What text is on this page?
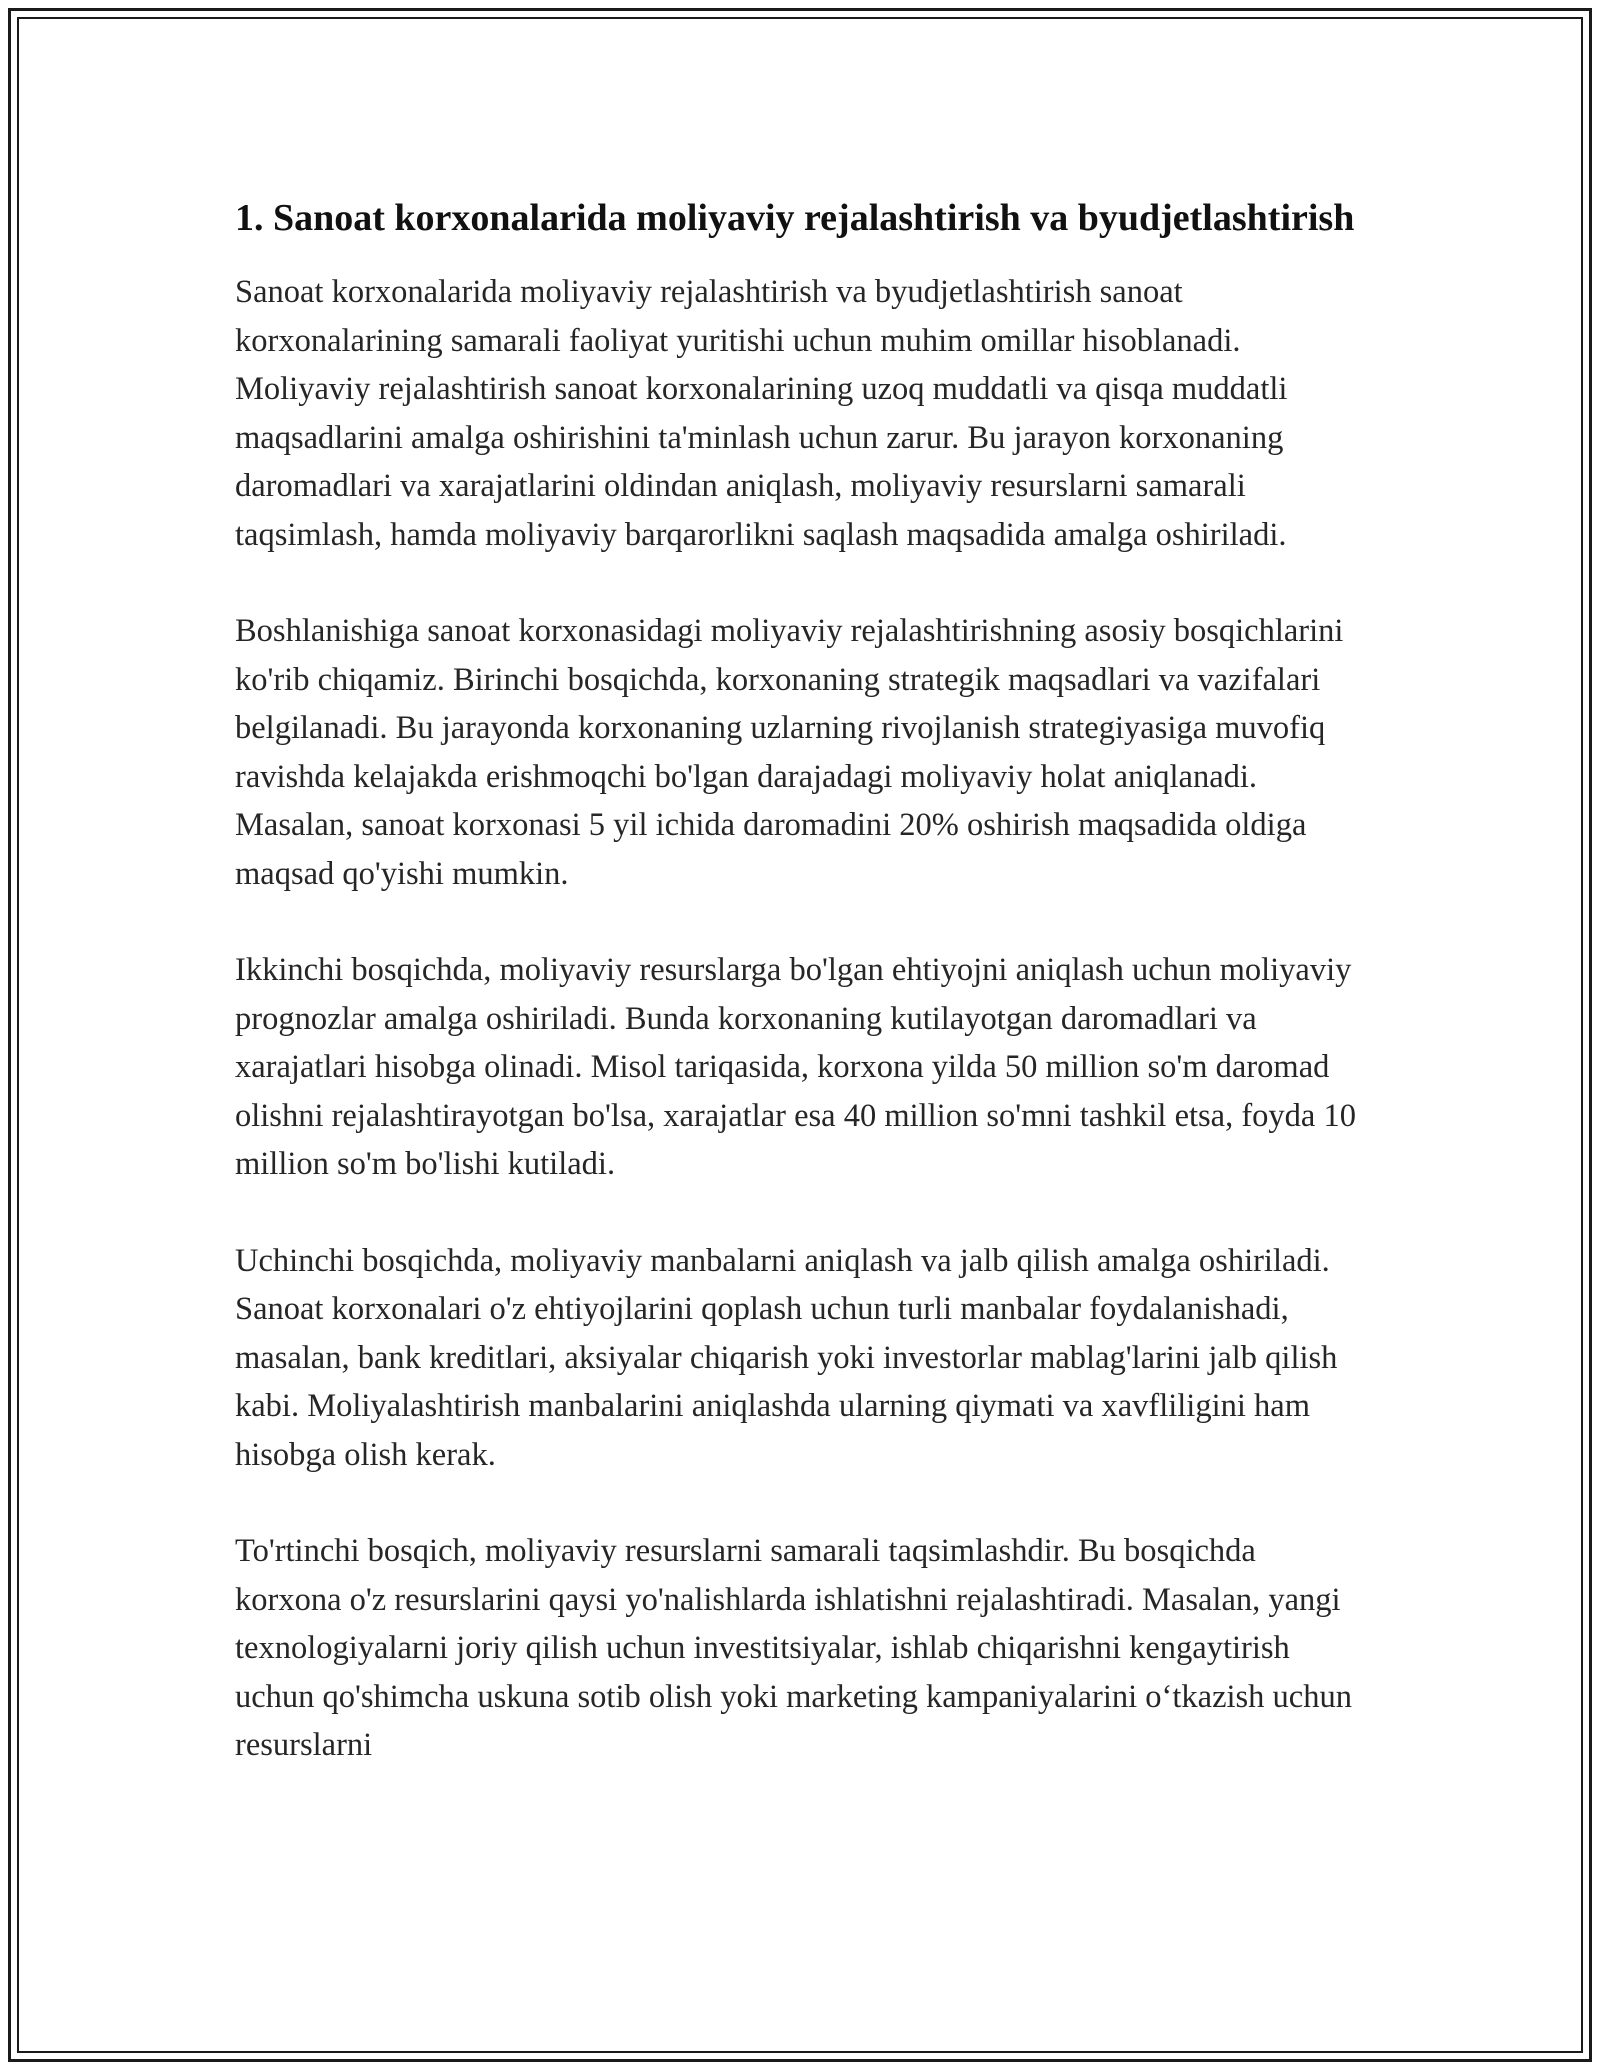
1. Sanoat korxonalarida moliyaviy rejalashtirish va byudjetlashtirish

Sanoat korxonalarida moliyaviy rejalashtirish va byudjetlashtirish sanoat korxonalarining samarali faoliyat yuritishi uchun muhim omillar hisoblanadi. Moliyaviy rejalashtirish sanoat korxonalarining uzoq muddatli va qisqa muddatli maqsadlarini amalga oshirishini ta'minlash uchun zarur. Bu jarayon korxonaning daromadlari va xarajatlarini oldindan aniqlash, moliyaviy resurslarni samarali taqsimlash, hamda moliyaviy barqarorlikni saqlash maqsadida amalga oshiriladi.

Boshlanishiga sanoat korxonasidagi moliyaviy rejalashtirishning asosiy bosqichlarini ko'rib chiqamiz. Birinchi bosqichda, korxonaning strategik maqsadlari va vazifalari belgilanadi. Bu jarayonda korxonaning uzlarning rivojlanish strategiyasiga muvofiq ravishda kelajakda erishmoqchi bo'lgan darajadagi moliyaviy holat aniqlanadi. Masalan, sanoat korxonasi 5 yil ichida daromadini 20% oshirish maqsadida oldiga maqsad qo'yishi mumkin.

Ikkinchi bosqichda, moliyaviy resurslarga bo'lgan ehtiyojni aniqlash uchun moliyaviy prognozlar amalga oshiriladi. Bunda korxonaning kutilayotgan daromadlari va xarajatlari hisobga olinadi. Misol tariqasida, korxona yilda 50 million so'm daromad olishni rejalashtirayotgan bo'lsa, xarajatlar esa 40 million so'mni tashkil etsa, foyda 10 million so'm bo'lishi kutiladi.

Uchinchi bosqichda, moliyaviy manbalarni aniqlash va jalb qilish amalga oshiriladi. Sanoat korxonalari o'z ehtiyojlarini qoplash uchun turli manbalar foydalanishadi, masalan, bank kreditlari, aksiyalar chiqarish yoki investorlar mablag'larini jalb qilish kabi. Moliyalashtirish manbalarini aniqlashda ularning qiymati va xavfliligini ham hisobga olish kerak.

To'rtinchi bosqich, moliyaviy resurslarni samarali taqsimlashdir. Bu bosqichda korxona o'z resurslarini qaysi yo'nalishlarda ishlatishni rejalashtiradi. Masalan, yangi texnologiyalarni joriy qilish uchun investitsiyalar, ishlab chiqarishni kengaytirish uchun qo'shimcha uskuna sotib olish yoki marketing kampaniyalarini o‘tkazish uchun resurslarni
